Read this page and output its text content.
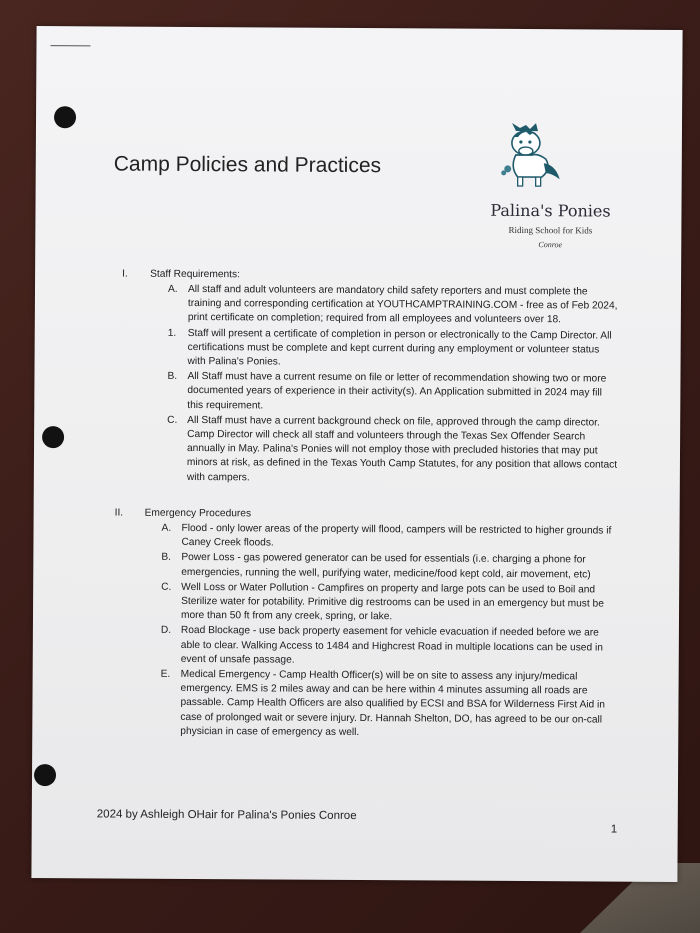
Camp Policies and Practices
Palina's Ponies
Riding School for Kids
Conroe
I. Staff Requirements:
A. All staff and adult volunteers are mandatory child safety reporters and must complete the training and corresponding certification at YOUTHCAMPTRAINING.COM - free as of Feb 2024, print certificate on completion; required from all employees and volunteers over 18.
1. Staff will present a certificate of completion in person or electronically to the Camp Director. All certifications must be complete and kept current during any employment or volunteer status with Palina's Ponies.
B. All Staff must have a current resume on file or letter of recommendation showing two or more documented years of experience in their activity(s). An Application submitted in 2024 may fill this requirement.
C. All Staff must have a current background check on file, approved through the camp director. Camp Director will check all staff and volunteers through the Texas Sex Offender Search annually in May. Palina's Ponies will not employ those with precluded histories that may put minors at risk, as defined in the Texas Youth Camp Statutes, for any position that allows contact with campers.
II. Emergency Procedures
A. Flood - only lower areas of the property will flood, campers will be restricted to higher grounds if Caney Creek floods.
B. Power Loss - gas powered generator can be used for essentials (i.e. charging a phone for emergencies, running the well, purifying water, medicine/food kept cold, air movement, etc)
C. Well Loss or Water Pollution - Campfires on property and large pots can be used to Boil and Sterilize water for potability. Primitive dig restrooms can be used in an emergency but must be more than 50 ft from any creek, spring, or lake.
D. Road Blockage - use back property easement for vehicle evacuation if needed before we are able to clear. Walking Access to 1484 and Highcrest Road in multiple locations can be used in event of unsafe passage.
E. Medical Emergency - Camp Health Officer(s) will be on site to assess any injury/medical emergency. EMS is 2 miles away and can be here within 4 minutes assuming all roads are passable. Camp Health Officers are also qualified by ECSI and BSA for Wilderness First Aid in case of prolonged wait or severe injury. Dr. Hannah Shelton, DO, has agreed to be our on-call physician in case of emergency as well.
2024 by Ashleigh OHair for Palina's Ponies Conroe
1
